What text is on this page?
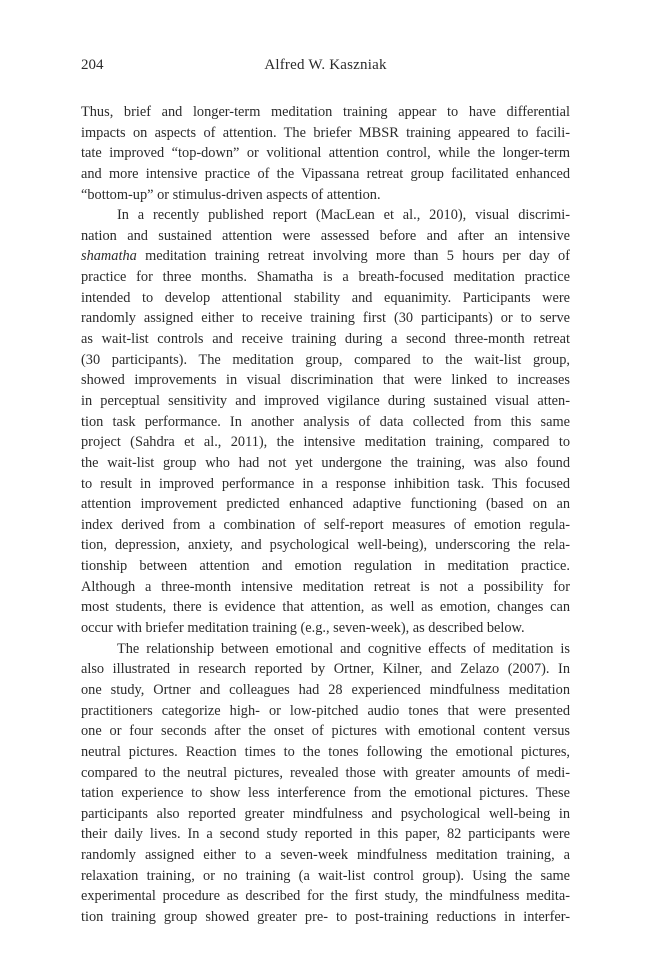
204	Alfred W. Kaszniak
Thus, brief and longer-term meditation training appear to have differential
impacts on aspects of attention. The briefer MBSR training appeared to facili-
tate improved “top-down” or volitional attention control, while the longer-term
and more intensive practice of the Vipassana retreat group facilitated enhanced
“bottom-up” or stimulus-driven aspects of attention.
In a recently published report (MacLean et al., 2010), visual discrimi-
nation and sustained attention were assessed before and after an intensive
shamatha meditation training retreat involving more than 5 hours per day of
practice for three months. Shamatha is a breath-focused meditation practice
intended to develop attentional stability and equanimity. Participants were
randomly assigned either to receive training first (30 participants) or to serve
as wait-list controls and receive training during a second three-month retreat
(30 participants). The meditation group, compared to the wait-list group,
showed improvements in visual discrimination that were linked to increases
in perceptual sensitivity and improved vigilance during sustained visual atten-
tion task performance. In another analysis of data collected from this same
project (Sahdra et al., 2011), the intensive meditation training, compared to
the wait-list group who had not yet undergone the training, was also found
to result in improved performance in a response inhibition task. This focused
attention improvement predicted enhanced adaptive functioning (based on an
index derived from a combination of self-report measures of emotion regula-
tion, depression, anxiety, and psychological well-being), underscoring the rela-
tionship between attention and emotion regulation in meditation practice.
Although a three-month intensive meditation retreat is not a possibility for
most students, there is evidence that attention, as well as emotion, changes can
occur with briefer meditation training (e.g., seven-week), as described below.
The relationship between emotional and cognitive effects of meditation is
also illustrated in research reported by Ortner, Kilner, and Zelazo (2007). In
one study, Ortner and colleagues had 28 experienced mindfulness meditation
practitioners categorize high- or low-pitched audio tones that were presented
one or four seconds after the onset of pictures with emotional content versus
neutral pictures. Reaction times to the tones following the emotional pictures,
compared to the neutral pictures, revealed those with greater amounts of medi-
tation experience to show less interference from the emotional pictures. These
participants also reported greater mindfulness and psychological well-being in
their daily lives. In a second study reported in this paper, 82 participants were
randomly assigned either to a seven-week mindfulness meditation training, a
relaxation training, or no training (a wait-list control group). Using the same
experimental procedure as described for the first study, the mindfulness medita-
tion training group showed greater pre- to post-training reductions in interfer-
